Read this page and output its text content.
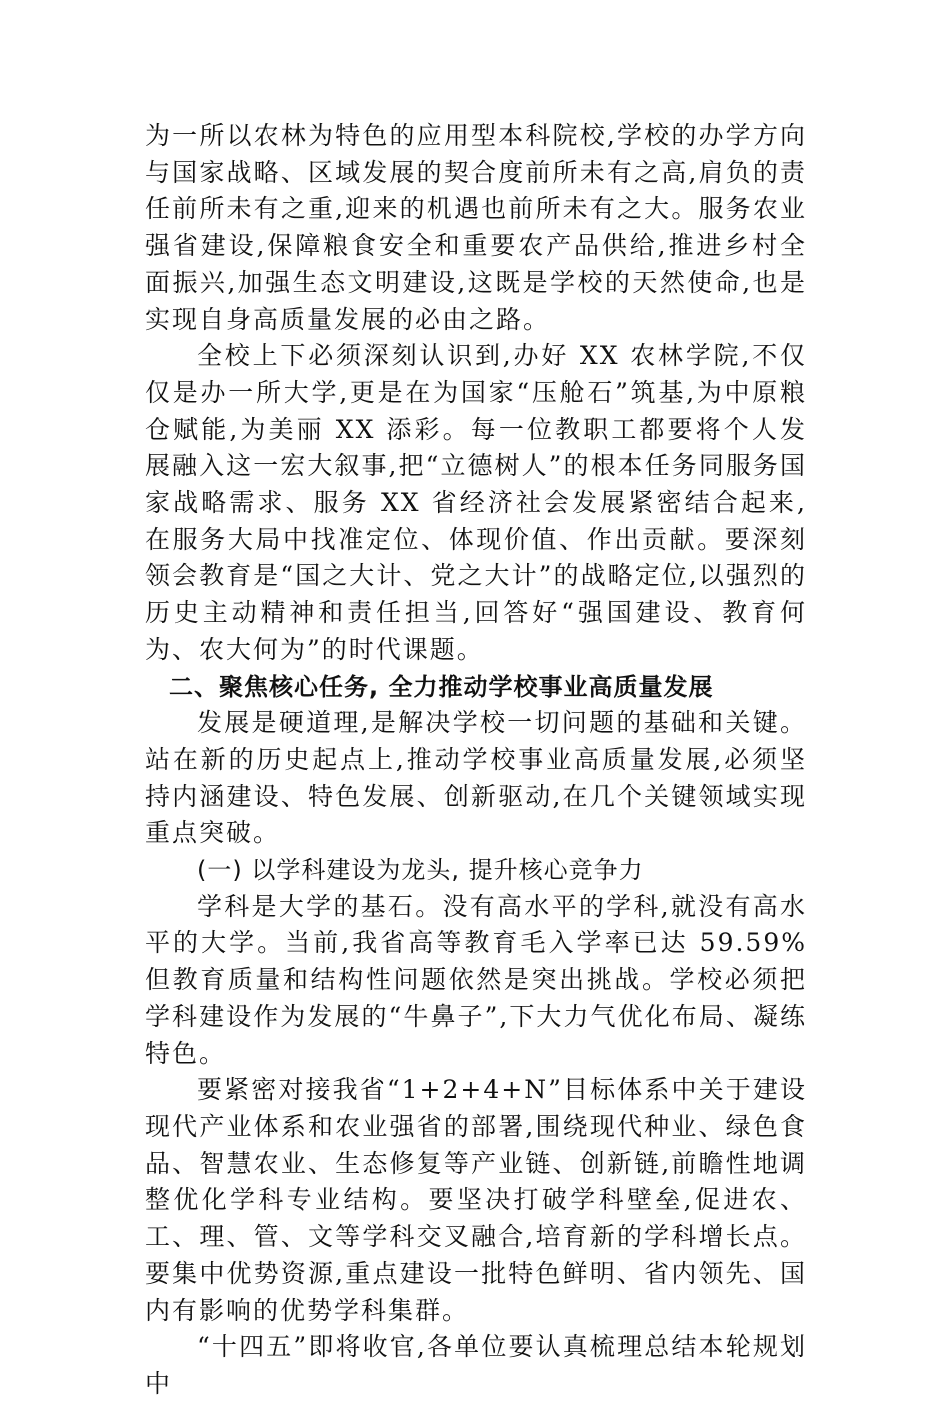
为一所以农林为特色的应用型本科院校,学校的办学方向与国家战略、区域发展的契合度前所未有之高,肩负的责任前所未有之重,迎来的机遇也前所未有之大。服务农业强省建设,保障粮食安全和重要农产品供给,推进乡村全面振兴,加强生态文明建设,这既是学校的天然使命,也是实现自身高质量发展的必由之路。

全校上下必须深刻认识到,办好 XX 农林学院,不仅仅是办一所大学,更是在为国家“压舱石”筑基,为中原粮仓赋能,为美丽 XX 添彩。每一位教职工都要将个人发展融入这一宏大叙事,把“立德树人”的根本任务同服务国家战略需求、服务 XX 省经济社会发展紧密结合起来,在服务大局中找准定位、体现价值、作出贡献。要深刻领会教育是“国之大计、党之大计”的战略定位,以强烈的历史主动精神和责任担当,回答好“强国建设、教育何为、农大何为”的时代课题。

二、聚焦核心任务, 全力推动学校事业高质量发展

发展是硬道理,是解决学校一切问题的基础和关键。站在新的历史起点上,推动学校事业高质量发展,必须坚持内涵建设、特色发展、创新驱动,在几个关键领域实现重点突破。

(一) 以学科建设为龙头, 提升核心竞争力

学科是大学的基石。没有高水平的学科,就没有高水平的大学。当前,我省高等教育毛入学率已达 59.59%但教育质量和结构性问题依然是突出挑战。学校必须把学科建设作为发展的“牛鼻子”,下大力气优化布局、凝练特色。

要紧密对接我省“1+2+4+N”目标体系中关于建设现代产业体系和农业强省的部署,围绕现代种业、绿色食品、智慧农业、生态修复等产业链、创新链,前瞻性地调整优化学科专业结构。要坚决打破学科壁垒,促进农、工、理、管、文等学科交叉融合,培育新的学科增长点。要集中优势资源,重点建设一批特色鲜明、省内领先、国内有影响的优势学科集群。

“十四五”即将收官,各单位要认真梳理总结本轮规划中
